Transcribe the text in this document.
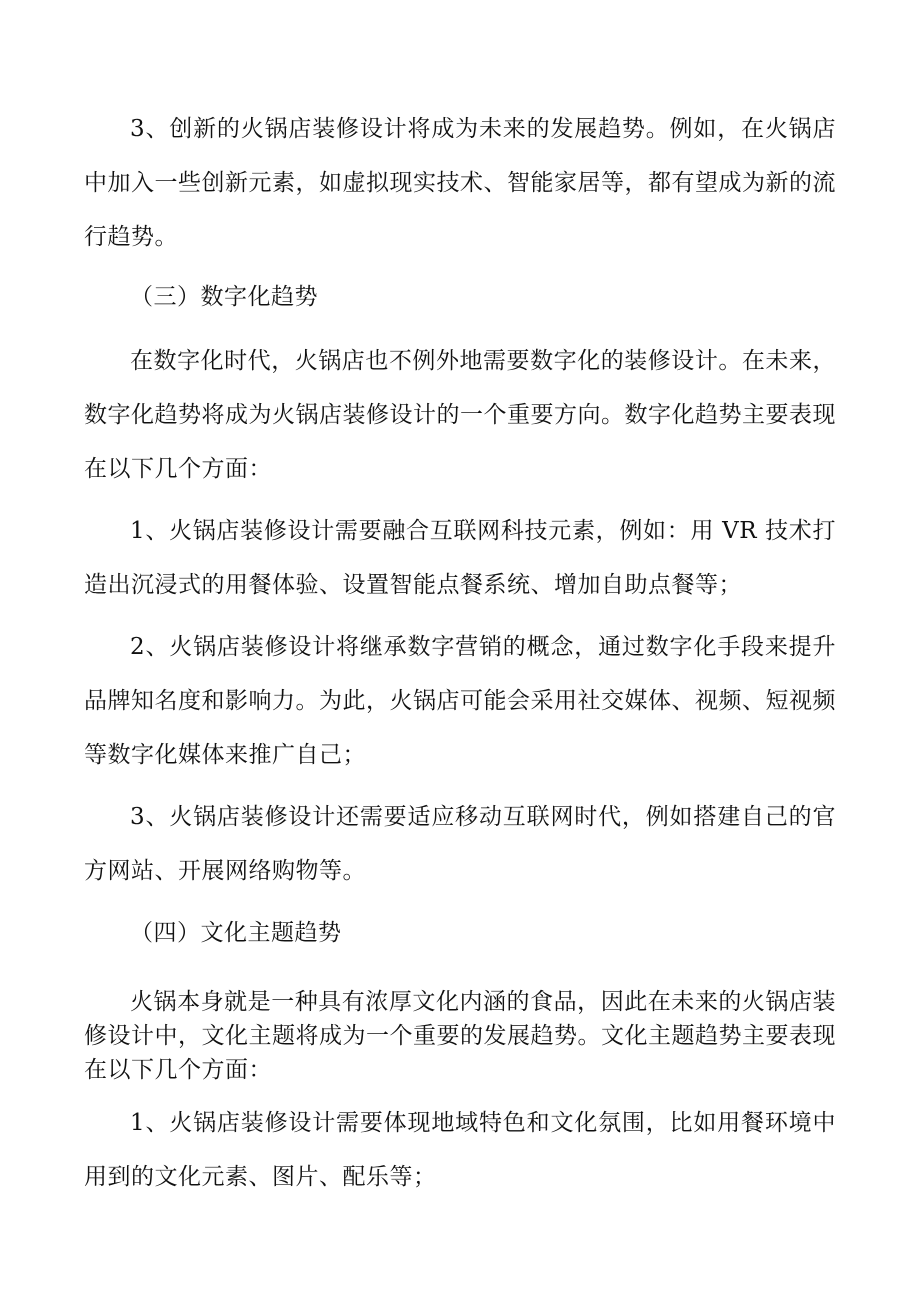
3、创新的火锅店装修设计将成为未来的发展趋势。例如，在火锅店中加入一些创新元素，如虚拟现实技术、智能家居等，都有望成为新的流行趋势。

（三）数字化趋势

在数字化时代，火锅店也不例外地需要数字化的装修设计。在未来，数字化趋势将成为火锅店装修设计的一个重要方向。数字化趋势主要表现在以下几个方面：

1、火锅店装修设计需要融合互联网科技元素，例如：用 VR 技术打造出沉浸式的用餐体验、设置智能点餐系统、增加自助点餐等；

2、火锅店装修设计将继承数字营销的概念，通过数字化手段来提升品牌知名度和影响力。为此，火锅店可能会采用社交媒体、视频、短视频等数字化媒体来推广自己；

3、火锅店装修设计还需要适应移动互联网时代，例如搭建自己的官方网站、开展网络购物等。

（四）文化主题趋势

火锅本身就是一种具有浓厚文化内涵的食品，因此在未来的火锅店装修设计中，文化主题将成为一个重要的发展趋势。文化主题趋势主要表现在以下几个方面：

1、火锅店装修设计需要体现地域特色和文化氛围，比如用餐环境中用到的文化元素、图片、配乐等；
